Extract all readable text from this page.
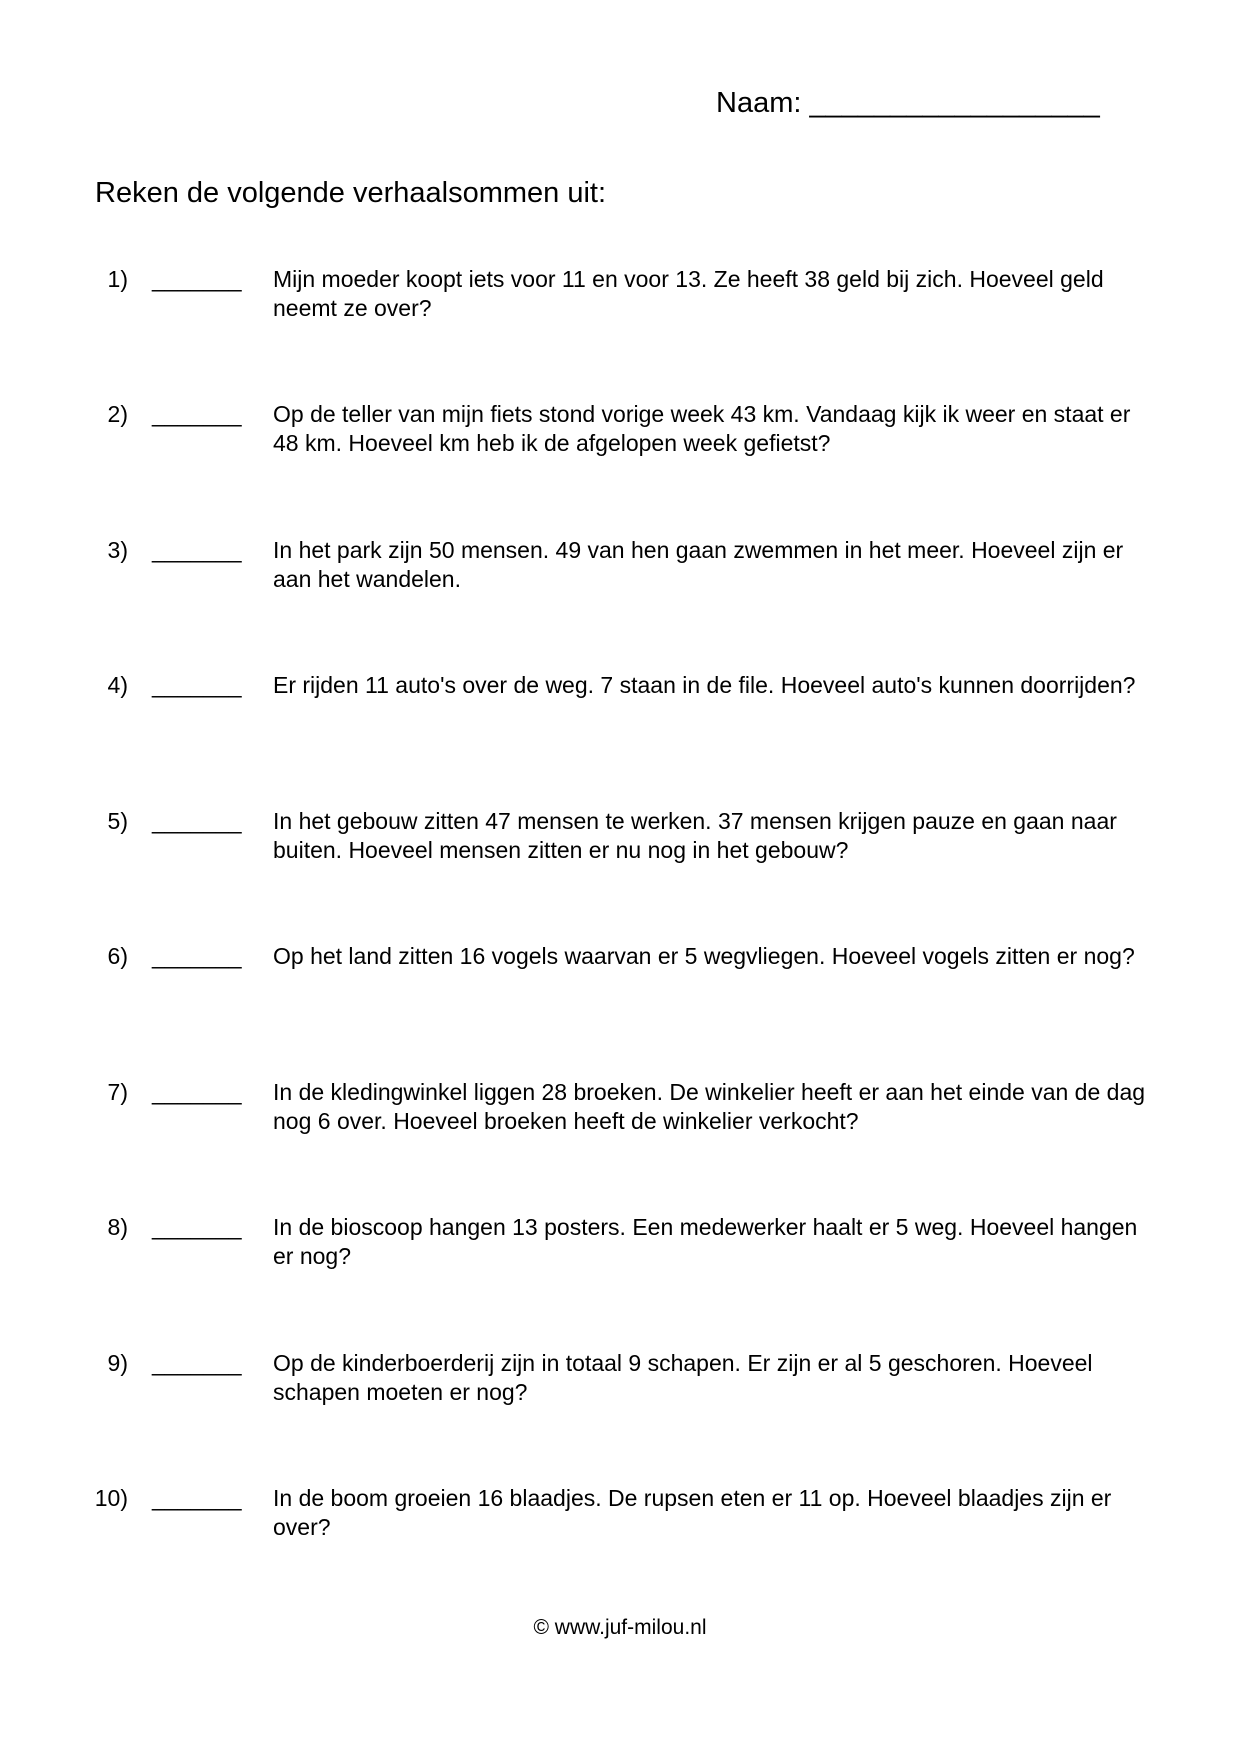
Naam: __________________
Reken de volgende verhaalsommen uit:
1) _______ Mijn moeder koopt iets voor 11 en voor 13. Ze heeft 38 geld bij zich. Hoeveel geld neemt ze over?
2) _______ Op de teller van mijn fiets stond vorige week 43 km. Vandaag kijk ik weer en staat er 48 km. Hoeveel km heb ik de afgelopen week gefietst?
3) _______ In het park zijn 50 mensen. 49 van hen gaan zwemmen in het meer. Hoeveel zijn er aan het wandelen.
4) _______ Er rijden 11 auto's over de weg. 7 staan in de file. Hoeveel auto's kunnen doorrijden?
5) _______ In het gebouw zitten 47 mensen te werken. 37 mensen krijgen pauze en gaan naar buiten. Hoeveel mensen zitten er nu nog in het gebouw?
6) _______ Op het land zitten 16 vogels waarvan er 5 wegvliegen. Hoeveel vogels zitten er nog?
7) _______ In de kledingwinkel liggen 28 broeken. De winkelier heeft er aan het einde van de dag nog 6 over. Hoeveel broeken heeft de winkelier verkocht?
8) _______ In de bioscoop hangen 13 posters. Een medewerker haalt er 5 weg. Hoeveel hangen er nog?
9) _______ Op de kinderboerderij zijn in totaal 9 schapen. Er zijn er al 5 geschoren. Hoeveel schapen moeten er nog?
10) _______ In de boom groeien 16 blaadjes. De rupsen eten er 11 op. Hoeveel blaadjes zijn er over?
© www.juf-milou.nl
